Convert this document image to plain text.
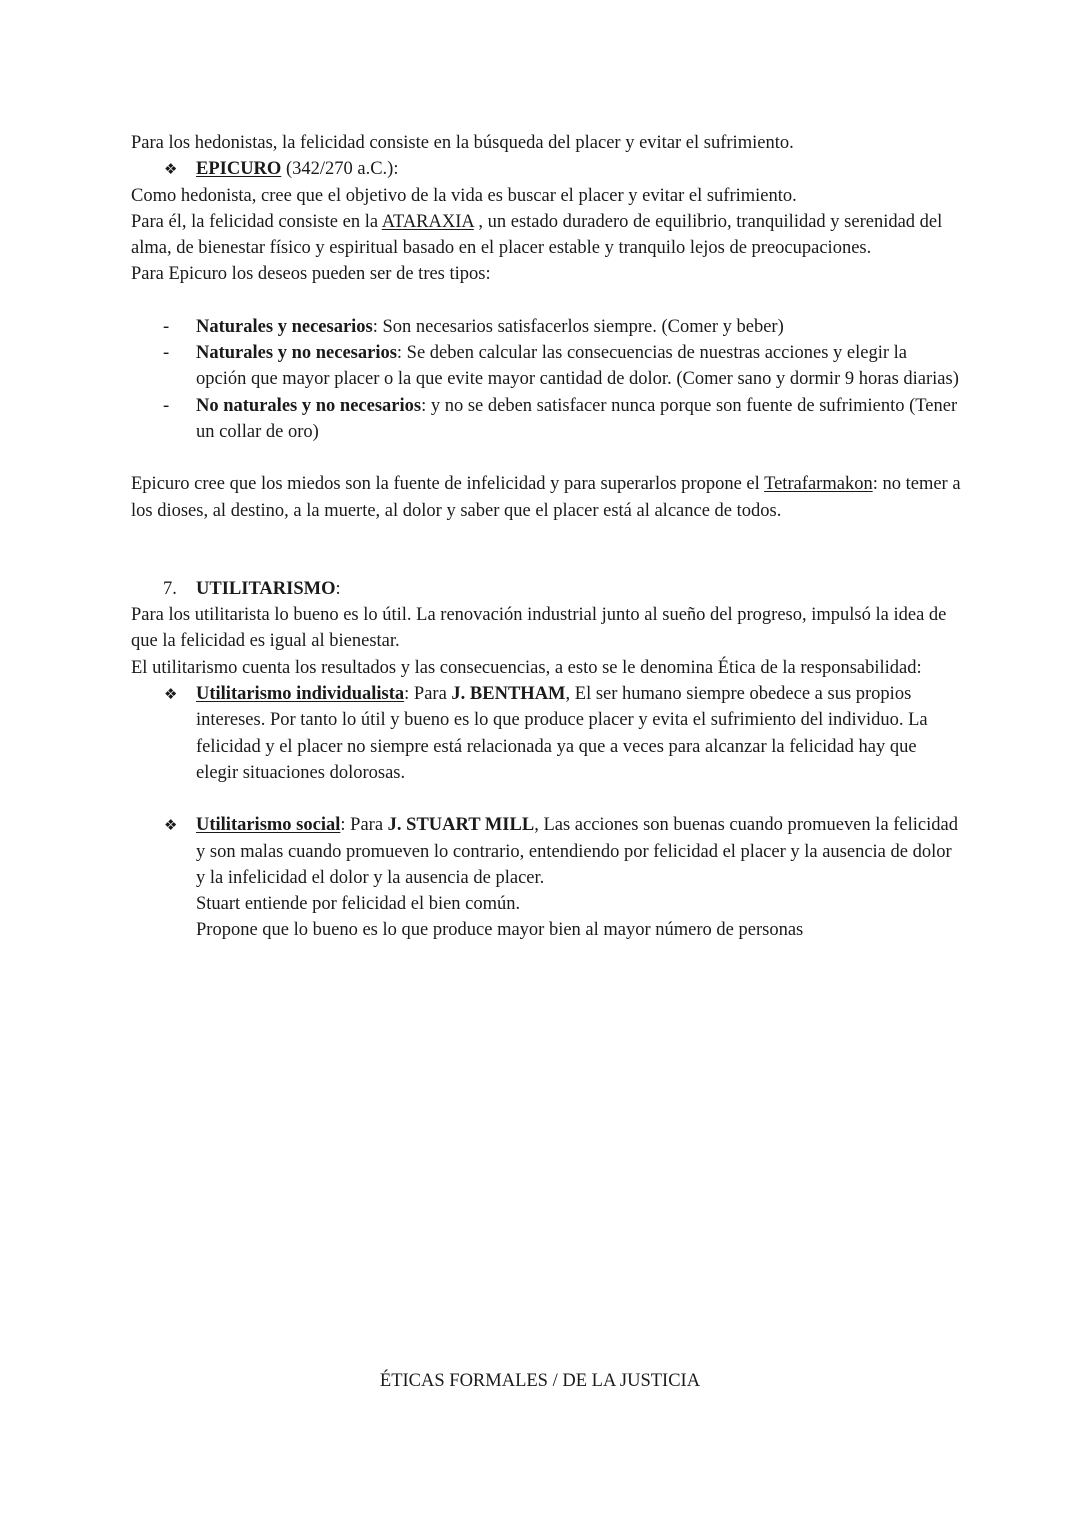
Para los hedonistas, la felicidad consiste en la búsqueda del placer y evitar el sufrimiento.

❖ EPICURO (342/270 a.C.):

Como hedonista, cree que el objetivo de la vida es buscar el placer y evitar el sufrimiento.

Para él, la felicidad consiste en la ATARAXIA , un estado duradero de equilibrio, tranquilidad y serenidad del alma, de bienestar físico y espiritual basado en el placer estable y tranquilo lejos de preocupaciones.

Para Epicuro los deseos pueden ser de tres tipos:

- Naturales y necesarios: Son necesarios satisfacerlos siempre. (Comer y beber)
- Naturales y no necesarios: Se deben calcular las consecuencias de nuestras acciones y elegir la opción que mayor placer o la que evite mayor cantidad de dolor. (Comer sano y dormir 9 horas diarias)
- No naturales y no necesarios: y no se deben satisfacer nunca porque son fuente de sufrimiento (Tener un collar de oro)

Epicuro cree que los miedos son la fuente de infelicidad y para superarlos propone el Tetrafarmakon: no temer a los dioses, al destino, a la muerte, al dolor y saber que el placer está al alcance de todos.

7. UTILITARISMO:

Para los utilitarista lo bueno es lo útil. La renovación industrial junto al sueño del progreso, impulsó la idea de que la felicidad es igual al bienestar.

El utilitarismo cuenta los resultados y las consecuencias, a esto se le denomina Ética de la responsabilidad:

❖ Utilitarismo individualista: Para J. BENTHAM, El ser humano siempre obedece a sus propios intereses. Por tanto lo útil y bueno es lo que produce placer y evita el sufrimiento del individuo. La felicidad y el placer no siempre está relacionada ya que a veces para alcanzar la felicidad hay que elegir situaciones dolorosas.
❖ Utilitarismo social: Para J. STUART MILL, Las acciones son buenas cuando promueven la felicidad y son malas cuando promueven lo contrario, entendiendo por felicidad el placer y la ausencia de dolor y la infelicidad el dolor y la ausencia de placer.

Stuart entiende por felicidad el bien común.

Propone que lo bueno es lo que produce mayor bien al mayor número de personas

ÉTICAS FORMALES / DE LA JUSTICIA
